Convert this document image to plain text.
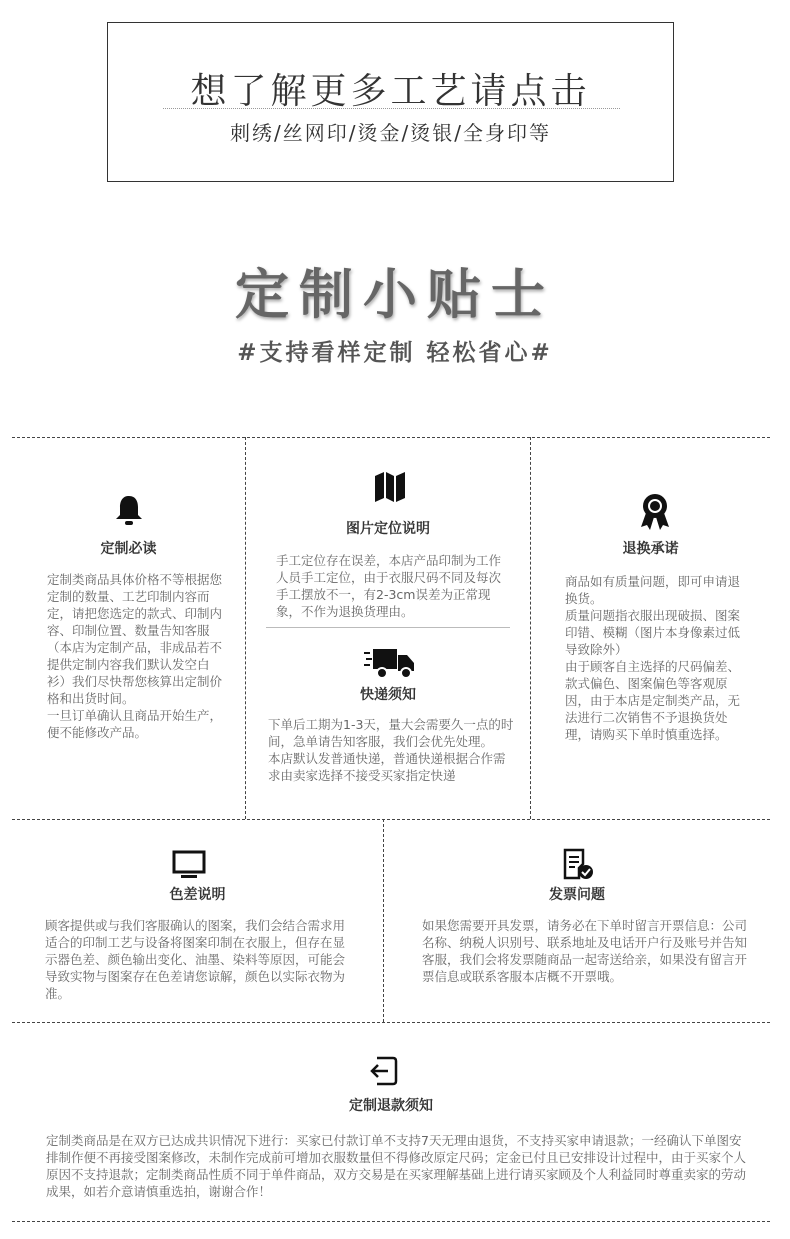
想了解更多工艺请点击
刺绣/丝网印/烫金/烫银/全身印等
定制小贴士
#支持看样定制 轻松省心#
定制必读
定制类商品具体价格不等根据您定制的数量、工艺印制内容而定，请把您选定的款式、印制内容、印制位置、数量告知客服（本店为定制产品，非成品若不提供定制内容我们默认发空白衫）我们尽快帮您核算出定制价格和出货时间。
一旦订单确认且商品开始生产，便不能修改产品。
图片定位说明
手工定位存在误差，本店产品印制为工作人员手工定位，由于衣服尺码不同及每次手工摆放不一，有2-3cm误差为正常现象，不作为退换货理由。
快递须知
下单后工期为1-3天，量大会需要久一点的时间，急单请告知客服，我们会优先处理。
本店默认发普通快递，普通快递根据合作需求由卖家选择不接受买家指定快递
退换承诺
商品如有质量问题，即可申请退换货。
质量问题指衣服出现破损、图案印错、模糊（图片本身像素过低导致除外）
由于顾客自主选择的尺码偏差、款式偏色、图案偏色等客观原因，由于本店是定制类产品，无法进行二次销售不予退换货处理，请购买下单时慎重选择。
色差说明
顾客提供或与我们客服确认的图案，我们会结合需求用适合的印制工艺与设备将图案印制在衣服上，但存在显示器色差、颜色输出变化、油墨、染料等原因，可能会导致实物与图案存在色差请您谅解，颜色以实际衣物为准。
发票问题
如果您需要开具发票，请务必在下单时留言开票信息：公司名称、纳税人识别号、联系地址及电话开户行及账号并告知客服，我们会将发票随商品一起寄送给亲，如果没有留言开票信息或联系客服本店概不开票哦。
定制退款须知
定制类商品是在双方已达成共识情况下进行：买家已付款订单不支持7天无理由退货，不支持买家申请退款；一经确认下单图安排制作便不再接受图案修改，未制作完成前可增加衣服数量但不得修改原定尺码；定金已付且已安排设计过程中，由于买家个人原因不支持退款；定制类商品性质不同于单件商品，双方交易是在买家理解基础上进行请买家顾及个人利益同时尊重卖家的劳动成果，如若介意请慎重选拍，谢谢合作！
